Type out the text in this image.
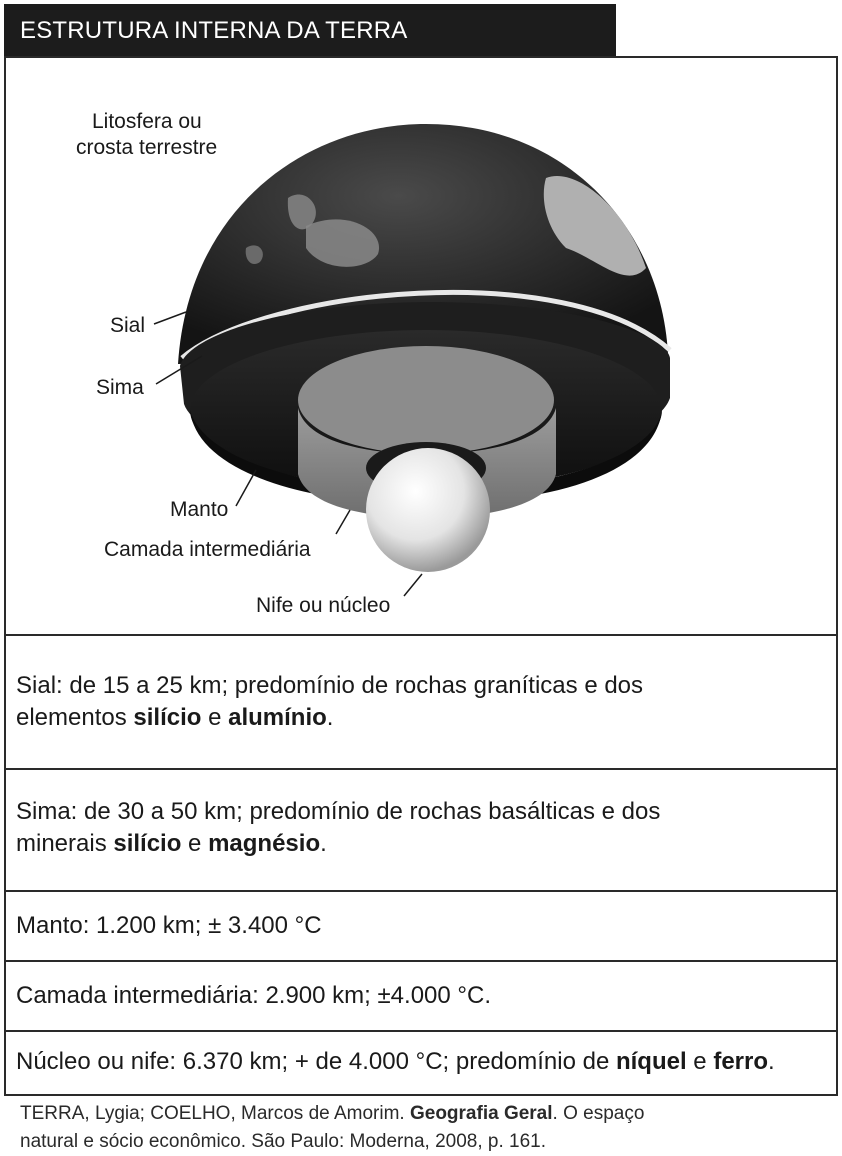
ESTRUTURA INTERNA DA TERRA
Litosfera ou
crosta terrestre
Sial
Sima
Manto
Camada intermediária
Nife ou núcleo

Sial: de 15 a 25 km; predomínio de rochas graníticas e dos
elementos silício e alumínio.

Sima: de 30 a 50 km; predomínio de rochas basálticas e dos
minerais silício e magnésio.

Manto: 1.200 km; ± 3.400 °C

Camada intermediária: 2.900 km; ±4.000 °C.

Núcleo ou nife: 6.370 km; + de 4.000 °C; predomínio de níquel e ferro.

TERRA, Lygia; COELHO, Marcos de Amorim. Geografia Geral. O espaço
natural e sócio econômico. São Paulo: Moderna, 2008, p. 161.
